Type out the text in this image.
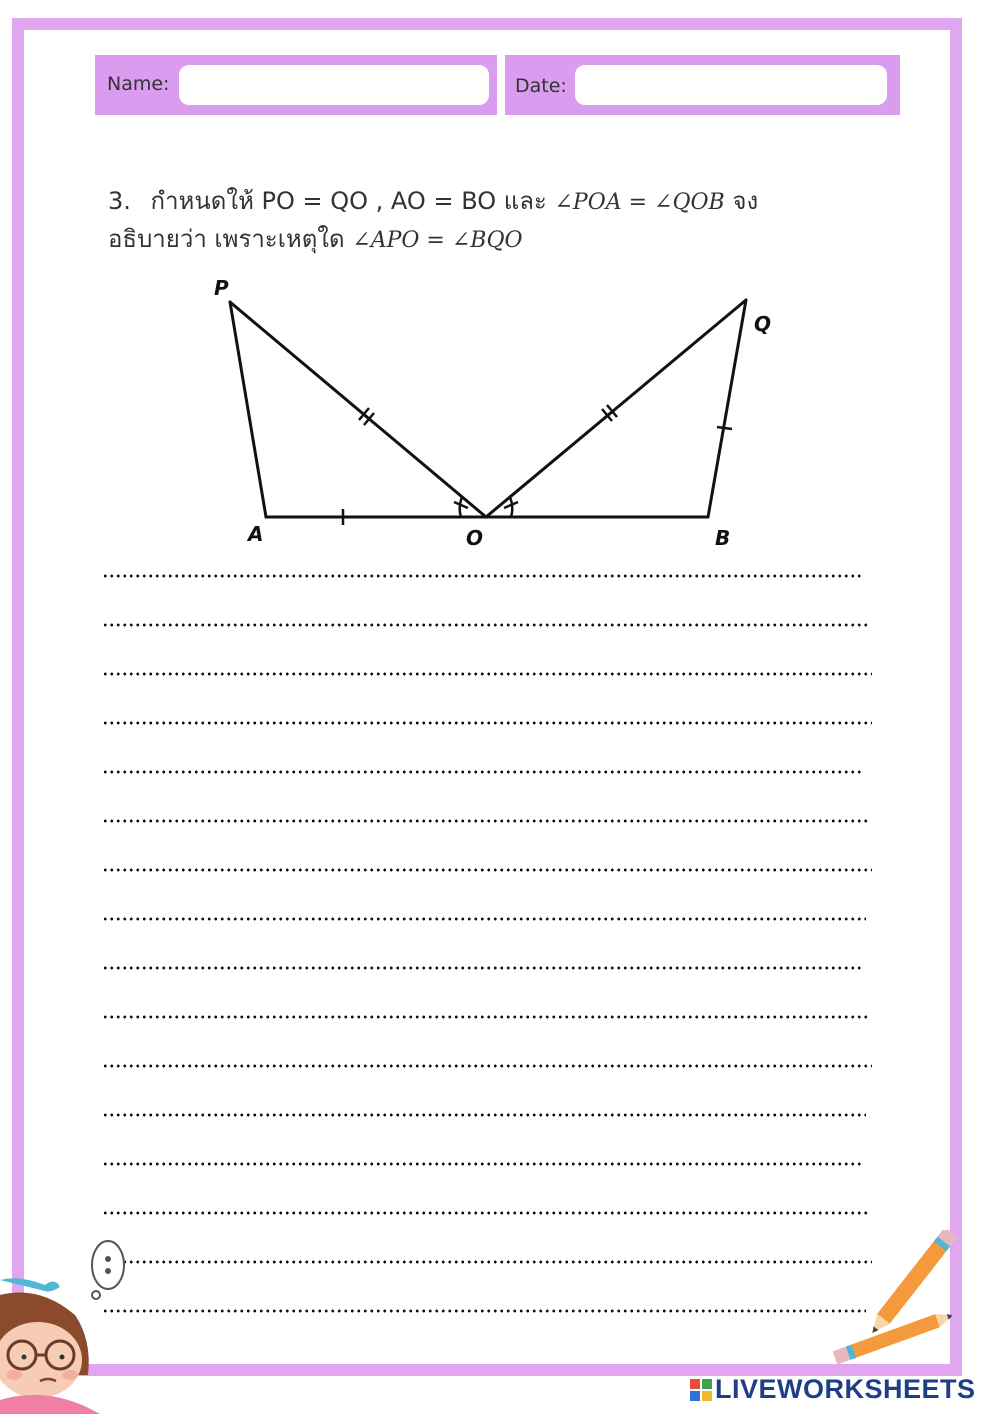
Name:	Date:
3. กำหนดให้ PO = QO , AO = BO และ ∠POA = ∠QOB จง
อธิบายว่า เพราะเหตุใด ∠APO = ∠BQO
P
Q
A	O	B
LIVEWORKSHEETS
